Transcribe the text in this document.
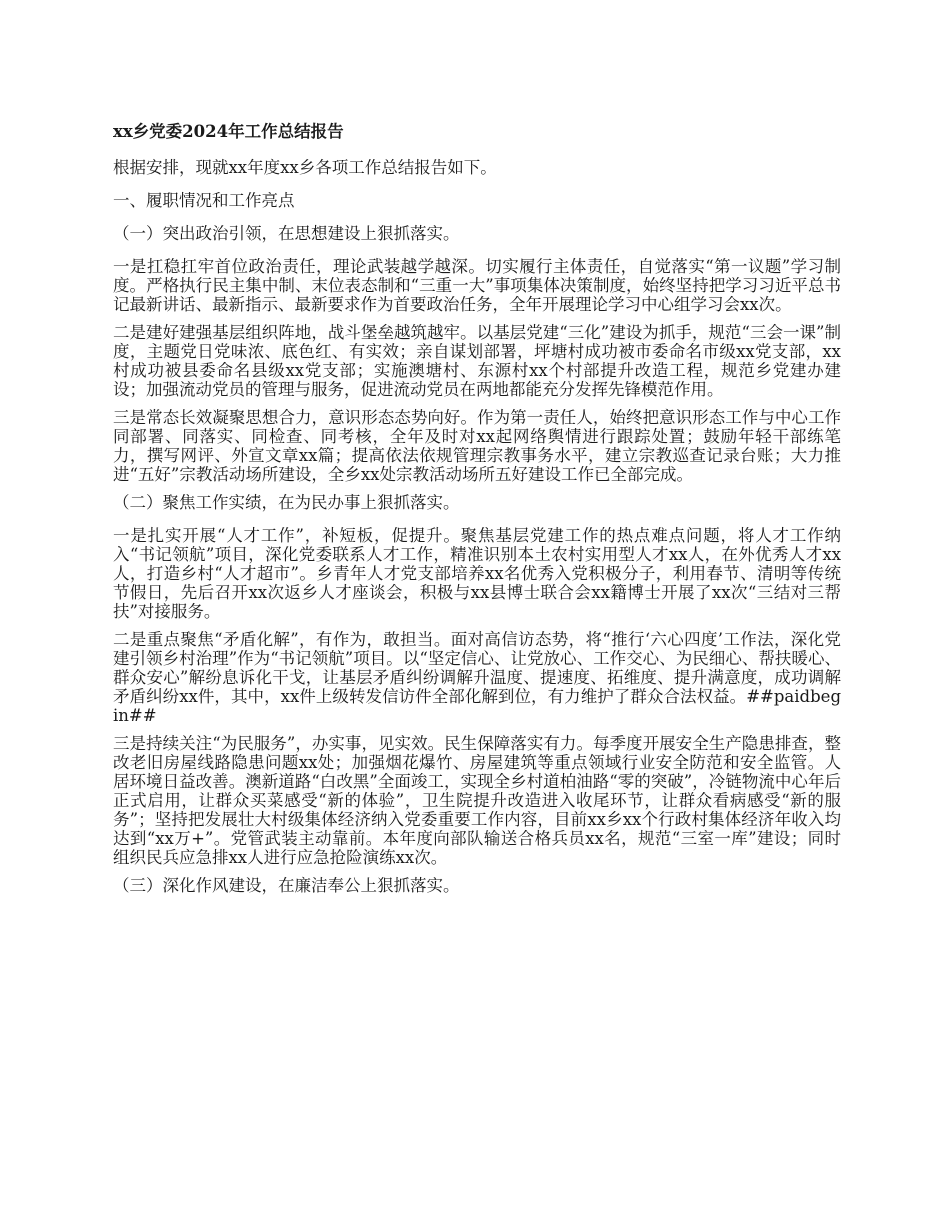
xx乡党委2024年工作总结报告

根据安排，现就xx年度xx乡各项工作总结报告如下。

一、履职情况和工作亮点

（一）突出政治引领，在思想建设上狠抓落实。

一是扛稳扛牢首位政治责任，理论武装越学越深。切实履行主体责任，自觉落实“第一议题”学习制度。严格执行民主集中制、末位表态制和“三重一大”事项集体决策制度，始终坚持把学习习近平总书记最新讲话、最新指示、最新要求作为首要政治任务，全年开展理论学习中心组学习会xx次。

二是建好建强基层组织阵地，战斗堡垒越筑越牢。以基层党建“三化”建设为抓手，规范“三会一课”制度，主题党日党味浓、底色红、有实效；亲自谋划部署，坪塘村成功被市委命名市级xx党支部，xx村成功被县委命名县级xx党支部；实施澳塘村、东源村xx个村部提升改造工程，规范乡党建办建设；加强流动党员的管理与服务，促进流动党员在两地都能充分发挥先锋模范作用。

三是常态长效凝聚思想合力，意识形态态势向好。作为第一责任人，始终把意识形态工作与中心工作同部署、同落实、同检查、同考核，全年及时对xx起网络舆情进行跟踪处置；鼓励年轻干部练笔力，撰写网评、外宣文章xx篇；提高依法依规管理宗教事务水平，建立宗教巡查记录台账；大力推进“五好”宗教活动场所建设，全乡xx处宗教活动场所五好建设工作已全部完成。

（二）聚焦工作实绩，在为民办事上狠抓落实。

一是扎实开展“人才工作”，补短板，促提升。聚焦基层党建工作的热点难点问题，将人才工作纳入“书记领航”项目，深化党委联系人才工作，精准识别本土农村实用型人才xx人，在外优秀人才xx人，打造乡村“人才超市”。乡青年人才党支部培养xx名优秀入党积极分子，利用春节、清明等传统节假日，先后召开xx次返乡人才座谈会，积极与xx县博士联合会xx籍博士开展了xx次“三结对三帮扶”对接服务。

二是重点聚焦“矛盾化解”，有作为，敢担当。面对高信访态势，将“推行‘六心四度’工作法，深化党建引领乡村治理”作为“书记领航”项目。以“坚定信心、让党放心、工作交心、为民细心、帮扶暖心、群众安心”解纷息诉化干戈，让基层矛盾纠纷调解升温度、提速度、拓维度、提升满意度，成功调解矛盾纠纷xx件，其中，xx件上级转发信访件全部化解到位，有力维护了群众合法权益。##paidbegin##

三是持续关注“为民服务”，办实事，见实效。民生保障落实有力。每季度开展安全生产隐患排查，整改老旧房屋线路隐患问题xx处；加强烟花爆竹、房屋建筑等重点领域行业安全防范和安全监管。人居环境日益改善。澳新道路“白改黑”全面竣工，实现全乡村道柏油路“零的突破”，冷链物流中心年后正式启用，让群众买菜感受“新的体验”，卫生院提升改造进入收尾环节，让群众看病感受“新的服务”；坚持把发展壮大村级集体经济纳入党委重要工作内容，目前xx乡xx个行政村集体经济年收入均达到“xx万+”。党管武装主动靠前。本年度向部队输送合格兵员xx名，规范“三室一库”建设；同时组织民兵应急排xx人进行应急抢险演练xx次。

（三）深化作风建设，在廉洁奉公上狠抓落实。
